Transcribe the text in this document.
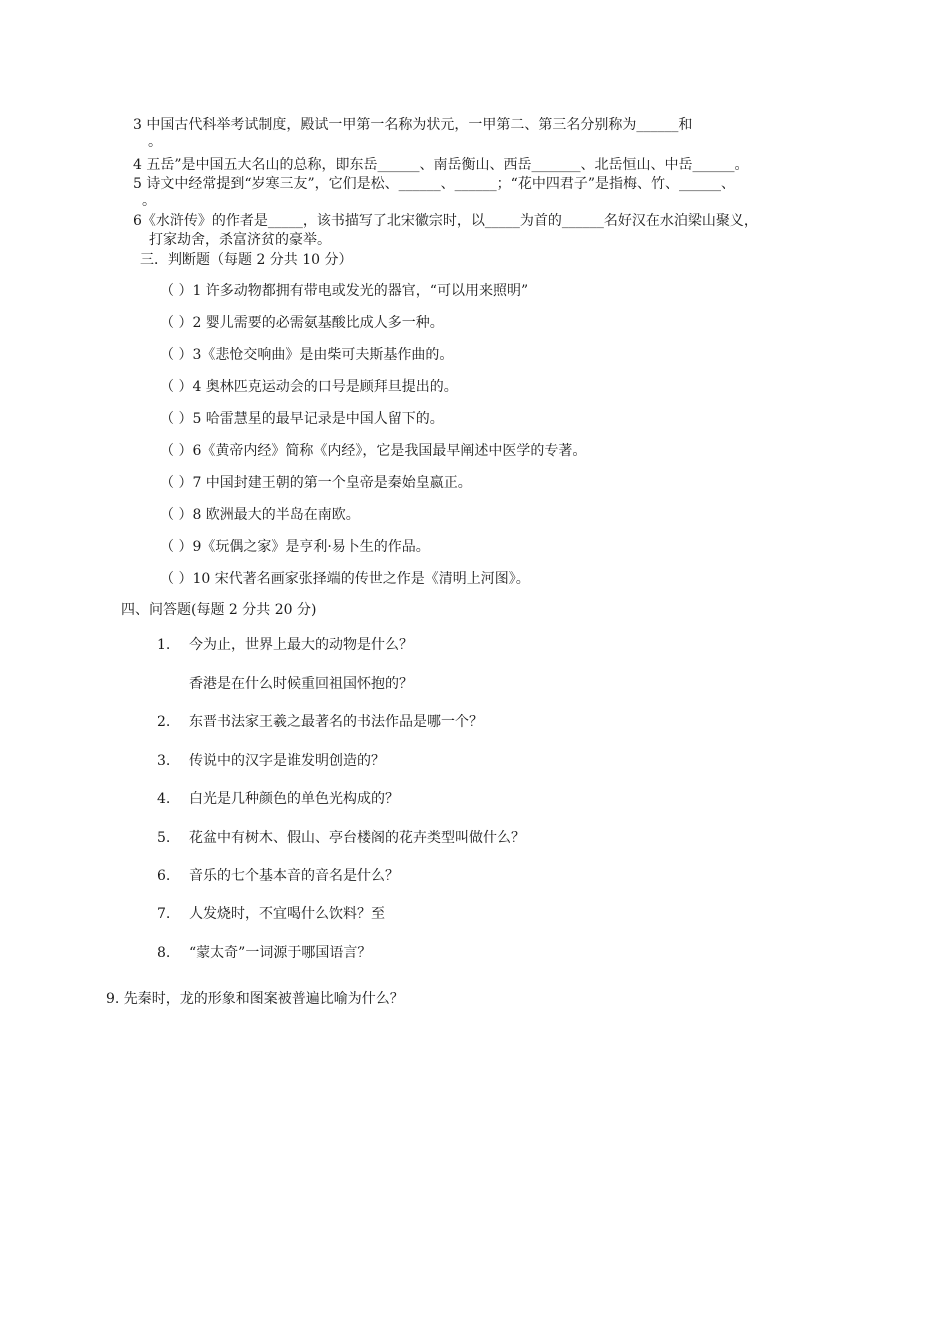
3 中国古代科举考试制度，殿试一甲第一名称为状元，一甲第二、第三名分别称为______和
。
4 五岳”是中国五大名山的总称，即东岳______、南岳衡山、西岳_______、北岳恒山、中岳______。
5 诗文中经常提到“岁寒三友”，它们是松、______、______；“花中四君子”是指梅、竹、______、
。
6《水浒传》的作者是_____，该书描写了北宋徽宗时，以_____为首的______名好汉在水泊梁山聚义，
打家劫舍，杀富济贫的豪举。
三．判断题（每题 2 分共 10 分）
（ ）1 许多动物都拥有带电或发光的器官，“可以用来照明”
（ ）2 婴儿需要的必需氨基酸比成人多一种。
（ ）3《悲怆交响曲》是由柴可夫斯基作曲的。
（ ）4 奥林匹克运动会的口号是顾拜旦提出的。
（ ）5 哈雷慧星的最早记录是中国人留下的。
（ ）6《黄帝内经》简称《内经》，它是我国最早阐述中医学的专著。
（ ）7 中国封建王朝的第一个皇帝是秦始皇嬴正。
（ ）8 欧洲最大的半岛在南欧。
（ ）9《玩偶之家》是亨利·易卜生的作品。
（ ）10 宋代著名画家张择端的传世之作是《清明上河图》。
四、问答题(每题 2 分共 20 分)
1. 今为止，世界上最大的动物是什么？
香港是在什么时候重回祖国怀抱的？
2. 东晋书法家王羲之最著名的书法作品是哪一个？
3. 传说中的汉字是谁发明创造的？
4. 白光是几种颜色的单色光构成的？
5. 花盆中有树木、假山、亭台楼阁的花卉类型叫做什么？
6. 音乐的七个基本音的音名是什么？
7. 人发烧时，不宜喝什么饮料？至
8. “蒙太奇”一词源于哪国语言？
9. 先秦时，龙的形象和图案被普遍比喻为什么？
